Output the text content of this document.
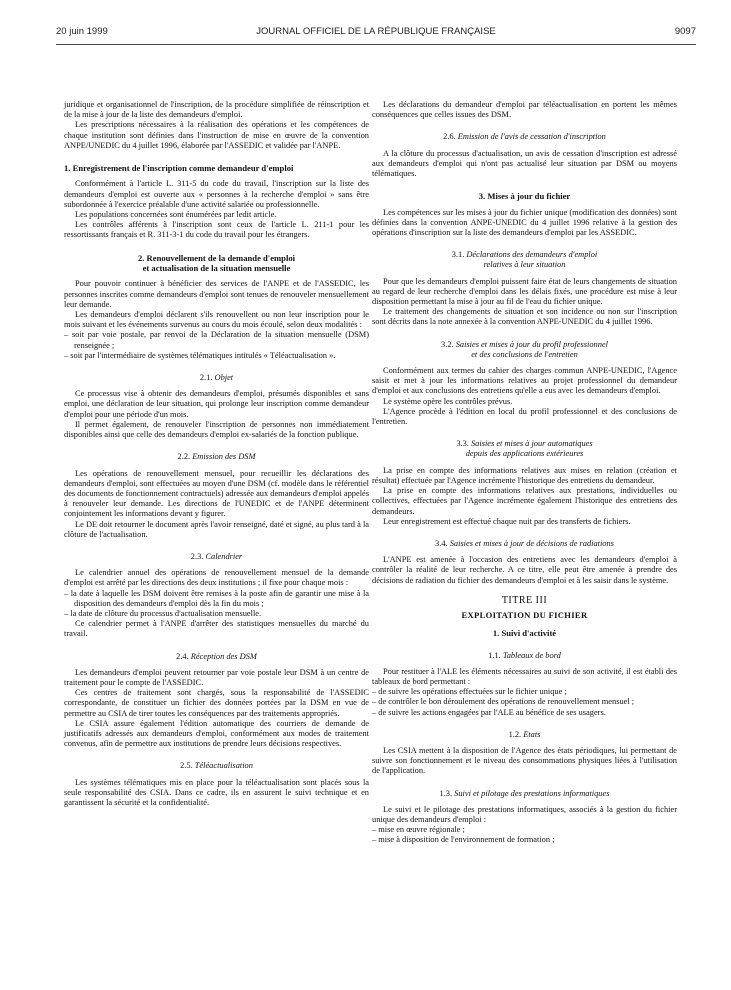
20 juin 1999	JOURNAL OFFICIEL DE LA RÉPUBLIQUE FRANÇAISE	9097

juridique et organisationnel de l'inscription, de la procédure simplifiée de réinscription et de la mise à jour de la liste des demandeurs d'emploi.

Les prescriptions nécessaires à la réalisation des opérations et les compétences de chaque institution sont définies dans l'instruction de mise en œuvre de la convention ANPE/UNEDIC du 4 juillet 1996, élaborée par l'ASSEDIC et validée par l'ANPE.

1. Enregistrement de l'inscription comme demandeur d'emploi

Conformément à l'article L. 311-5 du code du travail, l'inscription sur la liste des demandeurs d'emploi est ouverte aux « personnes à la recherche d'emploi » sans être subordonnée à l'exercice préalable d'une activité salariée ou professionnelle.

Les populations concernées sont énumérées par ledit article.

Les contrôles afférents à l'inscription sont ceux de l'article L. 211-1 pour les ressortissants français et R. 311-3-1 du code du travail pour les étrangers.

2. Renouvellement de la demande d'emploi
et actualisation de la situation mensuelle

Pour pouvoir continuer à bénéficier des services de l'ANPE et de l'ASSEDIC, les personnes inscrites comme demandeurs d'emploi sont tenues de renouveler mensuellement leur demande.

Les demandeurs d'emploi déclarent s'ils renouvellent ou non leur inscription pour le mois suivant et les événements survenus au cours du mois écoulé, selon deux modalités :

– soit par voie postale, par renvoi de la Déclaration de la situation mensuelle (DSM) renseignée ;
– soit par l'intermédiaire de systèmes télématiques intitulés « Téléactualisation ».
2.1. Objet

Ce processus vise à obtenir des demandeurs d'emploi, présumés disponibles et sans emploi, une déclaration de leur situation, qui prolonge leur inscription comme demandeur d'emploi pour une période d'un mois.

Il permet également, de renouveler l'inscription de personnes non immédiatement disponibles ainsi que celle des demandeurs d'emploi ex-salariés de la fonction publique.

2.2. Emission des DSM

Les opérations de renouvellement mensuel, pour recueillir les déclarations des demandeurs d'emploi, sont effectuées au moyen d'une DSM (cf. modèle dans le référentiel des documents de fonctionnement contractuels) adressée aux demandeurs d'emploi appelés à renouveler leur demande. Les directions de l'UNEDIC et de l'ANPE déterminent conjointement les informations devant y figurer.

Le DE doit retourner le document après l'avoir renseigné, daté et signé, au plus tard à la clôture de l'actualisation.

2.3. Calendrier

Le calendrier annuel des opérations de renouvellement mensuel de la demande d'emploi est arrêté par les directions des deux institutions ; il fixe pour chaque mois :

– la date à laquelle les DSM doivent être remises à la poste afin de garantir une mise à la disposition des demandeurs d'emploi dès la fin du mois ;
– la date de clôture du processus d'actualisation mensuelle.

Ce calendrier permet à l'ANPE d'arrêter des statistiques mensuelles du marché du travail.

2.4. Réception des DSM

Les demandeurs d'emploi peuvent retourner par voie postale leur DSM à un centre de traitement pour le compte de l'ASSEDIC.

Ces centres de traitement sont chargés, sous la responsabilité de l'ASSEDIC correspondante, de constituer un fichier des données portées par la DSM en vue de permettre au CSIA de tirer toutes les conséquences par des traitements appropriés.

Le CSIA assure également l'édition automatique des courriers de demande de justificatifs adressés aux demandeurs d'emploi, conformément aux modes de traitement convenus, afin de permettre aux institutions de prendre leurs décisions respectives.

2.5. Téléactualisation

Les systèmes télématiques mis en place pour la téléactualisation sont placés sous la seule responsabilité des CSIA. Dans ce cadre, ils en assurent le suivi technique et en garantissent la sécurité et la confidentialité.

Les déclarations du demandeur d'emploi par téléactualisation en portent les mêmes conséquences que celles issues des DSM.

2.6. Emission de l'avis de cessation d'inscription

A la clôture du processus d'actualisation, un avis de cessation d'inscription est adressé aux demandeurs d'emploi qui n'ont pas actualisé leur situation par DSM ou moyens télématiques.

3. Mises à jour du fichier

Les compétences sur les mises à jour du fichier unique (modification des données) sont définies dans la convention ANPE-UNEDIC du 4 juillet 1996 relative à la gestion des opérations d'inscription sur la liste des demandeurs d'emploi par les ASSEDIC.

3.1. Déclarations des demandeurs d'emploi
relatives à leur situation

Pour que les demandeurs d'emploi puissent faire état de leurs changements de situation au regard de leur recherche d'emploi dans les délais fixés, une procédure est mise à leur disposition permettant la mise à jour au fil de l'eau du fichier unique.

Le traitement des changements de situation et son incidence ou non sur l'inscription sont décrits dans la note annexée à la convention ANPE-UNEDIC du 4 juillet 1996.

3.2. Saisies et mises à jour du profil professionnel
et des conclusions de l'entretien

Conformément aux termes du cahier des charges commun ANPE-UNEDIC, l'Agence saisit et met à jour les informations relatives au projet professionnel du demandeur d'emploi et aux conclusions des entretiens qu'elle a eus avec les demandeurs d'emploi.

Le système opère les contrôles prévus.

L'Agence procède à l'édition en local du profil professionnel et des conclusions de l'entretien.

3.3. Saisies et mises à jour automatiques
depuis des applications extérieures

La prise en compte des informations relatives aux mises en relation (création et résultat) effectuée par l'Agence incrémente l'historique des entretiens du demandeur.

La prise en compte des informations relatives aux prestations, individuelles ou collectives, effectuées par l'Agence incrémente également l'historique des entretiens des demandeurs.

Leur enregistrement est effectué chaque nuit par des transferts de fichiers.

3.4. Saisies et mises à jour de décisions de radiations

L'ANPE est amenée à l'occasion des entretiens avec les demandeurs d'emploi à contrôler la réalité de leur recherche. A ce titre, elle peut être amenée à prendre des décisions de radiation du fichier des demandeurs d'emploi et à les saisir dans le système.

TITRE III
EXPLOITATION DU FICHIER
1. Suivi d'activité
1.1. Tableaux de bord

Pour restituer à l'ALE les éléments nécessaires au suivi de son activité, il est établi des tableaux de bord permettant :

– de suivre les opérations effectuées sur le fichier unique ;
– de contrôler le bon déroulement des opérations de renouvellement mensuel ;
– de suivre les actions engagées par l'ALE au bénéfice de ses usagers.
1.2. Etats

Les CSIA mettent à la disposition de l'Agence des états périodiques, lui permettant de suivre son fonctionnement et le niveau des consommations physiques liées à l'utilisation de l'application.

1.3. Suivi et pilotage des prestations informatiques

Le suivi et le pilotage des prestations informatiques, associés à la gestion du fichier unique des demandeurs d'emploi :

– mise en œuvre régionale ;
– mise à disposition de l'environnement de formation ;
